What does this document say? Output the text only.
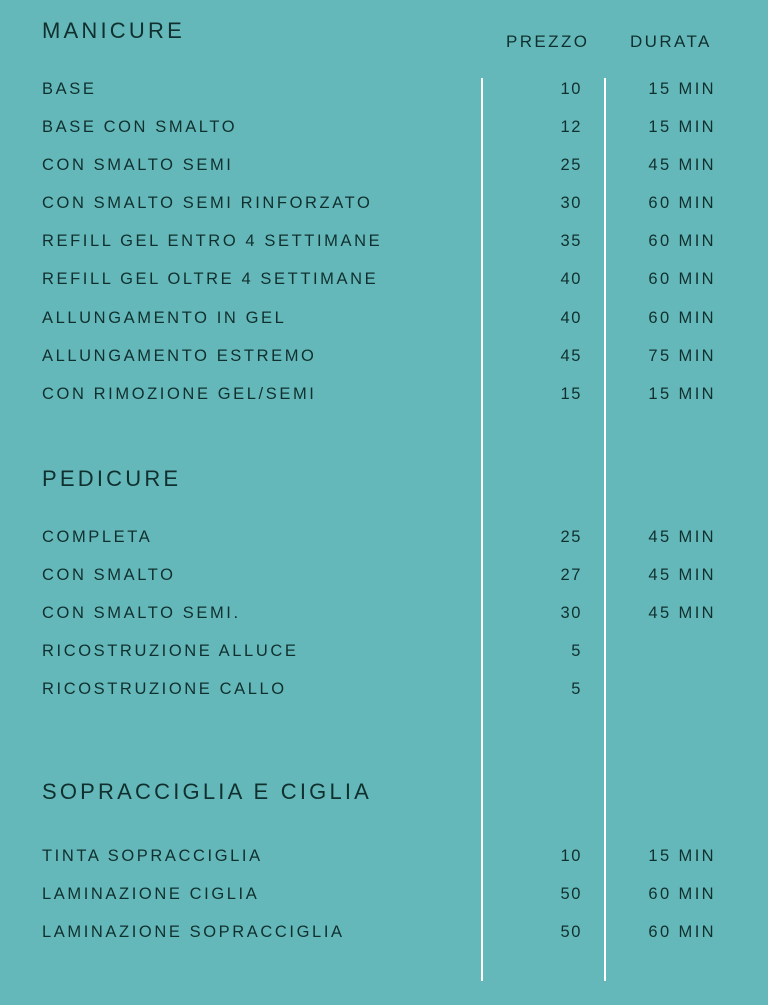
PREZZO DURATA
MANICURE
BASE	10	15 MIN
BASE CON SMALTO	12	15 MIN
CON SMALTO SEMI	25	45 MIN
CON SMALTO SEMI RINFORZATO	30	60 MIN
REFILL GEL ENTRO 4 SETTIMANE	35	60 MIN
REFILL GEL OLTRE 4 SETTIMANE	40	60 MIN
ALLUNGAMENTO IN GEL	40	60 MIN
ALLUNGAMENTO ESTREMO	45	75 MIN
CON RIMOZIONE GEL/SEMI	15	15 MIN
PEDICURE
COMPLETA	25	45 MIN
CON SMALTO	27	45 MIN
CON SMALTO SEMI.	30	45 MIN
RICOSTRUZIONE ALLUCE	5
RICOSTRUZIONE CALLO	5
SOPRACCIGLIA E CIGLIA
TINTA SOPRACCIGLIA	10	15 MIN
LAMINAZIONE CIGLIA	50	60 MIN
LAMINAZIONE SOPRACCIGLIA	50	60 MIN
